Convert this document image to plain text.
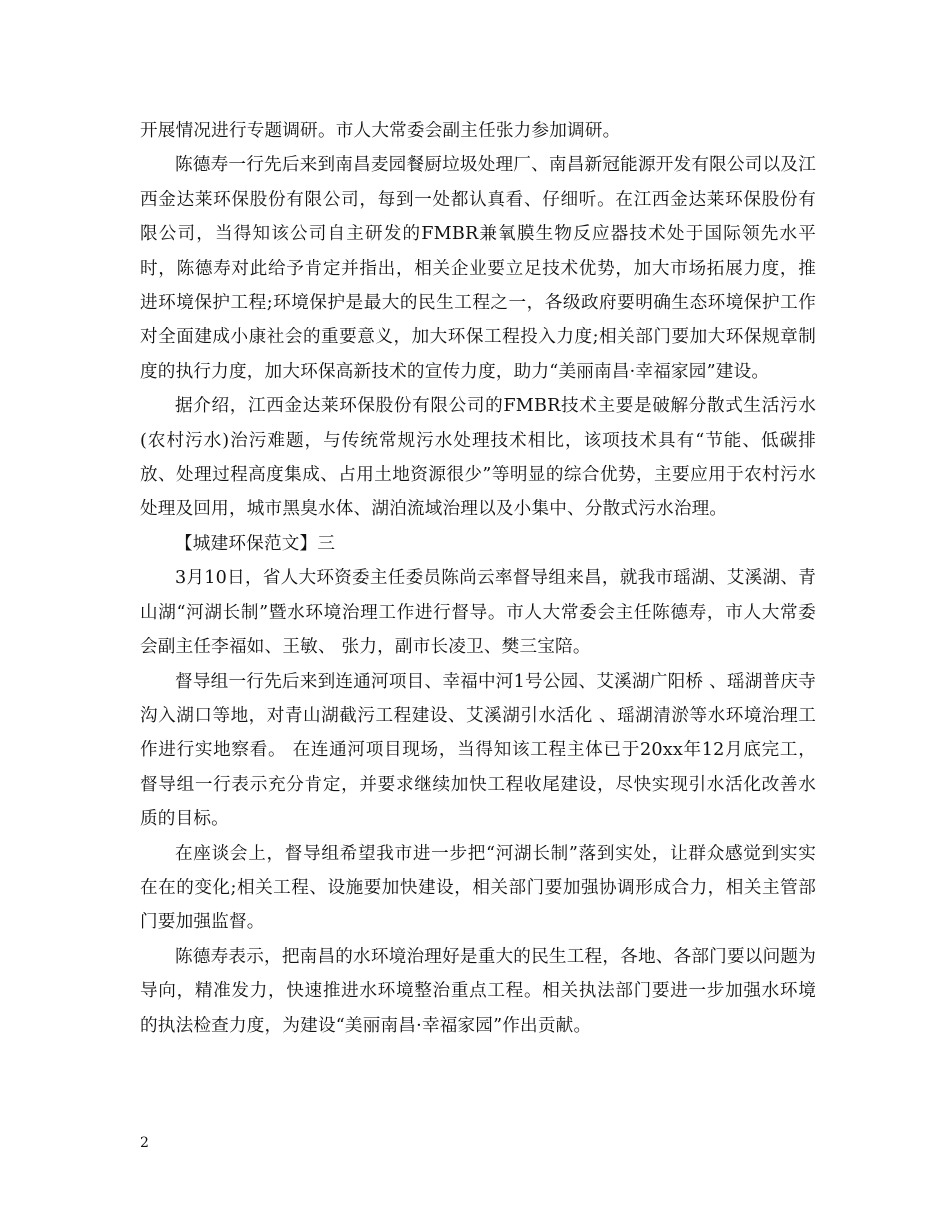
开展情况进行专题调研。市人大常委会副主任张力参加调研。

陈德寿一行先后来到南昌麦园餐厨垃圾处理厂、南昌新冠能源开发有限公司以及江西金达莱环保股份有限公司，每到一处都认真看、仔细听。在江西金达莱环保股份有限公司，当得知该公司自主研发的FMBR兼氧膜生物反应器技术处于国际领先水平时，陈德寿对此给予肯定并指出，相关企业要立足技术优势，加大市场拓展力度，推进环境保护工程;环境保护是最大的民生工程之一，各级政府要明确生态环境保护工作对全面建成小康社会的重要意义，加大环保工程投入力度;相关部门要加大环保规章制度的执行力度，加大环保高新技术的宣传力度，助力“美丽南昌·幸福家园”建设。

据介绍，江西金达莱环保股份有限公司的FMBR技术主要是破解分散式生活污水(农村污水)治污难题，与传统常规污水处理技术相比，该项技术具有“节能、低碳排放、处理过程高度集成、占用土地资源很少”等明显的综合优势，主要应用于农村污水处理及回用，城市黑臭水体、湖泊流域治理以及小集中、分散式污水治理。

【城建环保范文】三

3月10日，省人大环资委主任委员陈尚云率督导组来昌，就我市瑶湖、艾溪湖、青山湖“河湖长制”暨水环境治理工作进行督导。市人大常委会主任陈德寿，市人大常委会副主任李福如、王敏、 张力，副市长凌卫、樊三宝陪。

督导组一行先后来到连通河项目、幸福中河1号公园、艾溪湖广阳桥 、瑶湖普庆寺沟入湖口等地，对青山湖截污工程建设、艾溪湖引水活化 、瑶湖清淤等水环境治理工作进行实地察看。 在连通河项目现场，当得知该工程主体已于20xx年12月底完工，督导组一行表示充分肯定，并要求继续加快工程收尾建设，尽快实现引水活化改善水质的目标。

在座谈会上，督导组希望我市进一步把“河湖长制”落到实处，让群众感觉到实实在在的变化;相关工程、设施要加快建设，相关部门要加强协调形成合力，相关主管部门要加强监督。

陈德寿表示，把南昌的水环境治理好是重大的民生工程，各地、各部门要以问题为导向，精准发力，快速推进水环境整治重点工程。相关执法部门要进一步加强水环境的执法检查力度，为建设“美丽南昌·幸福家园”作出贡献。

2
